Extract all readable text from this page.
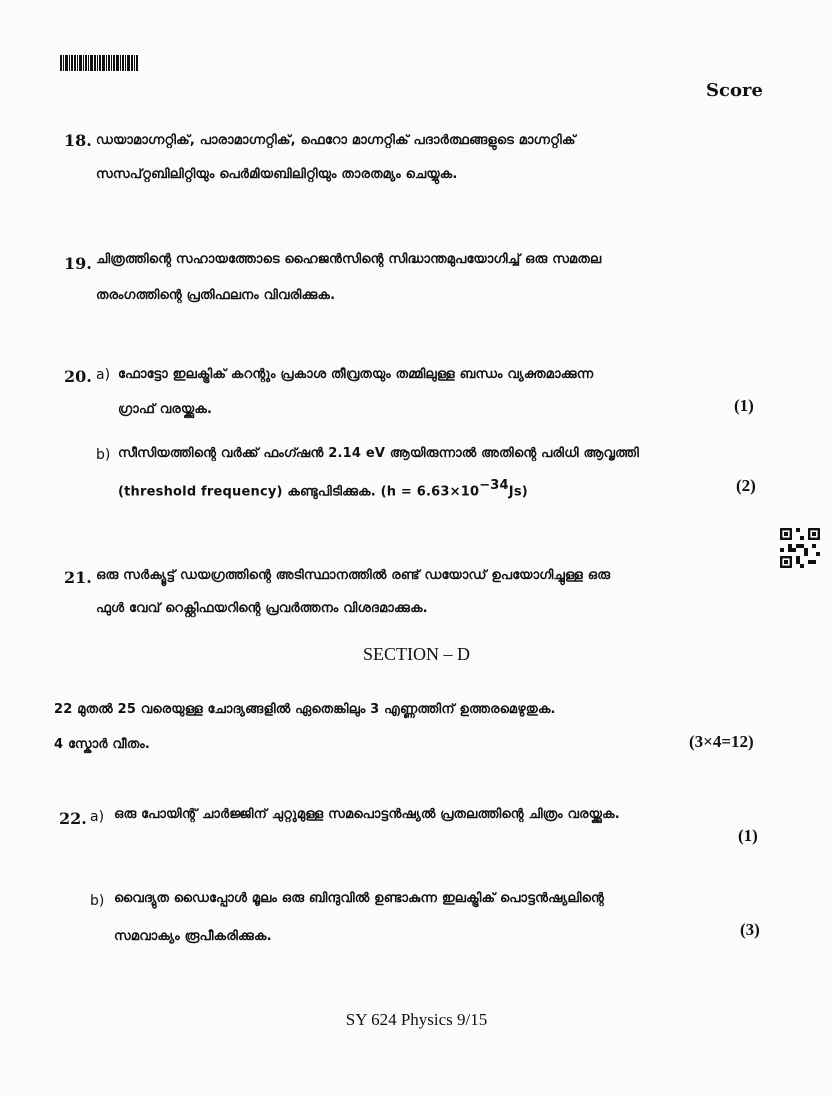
Score
18. ഡയാമാഗ്നറ്റിക്, പാരാമാഗ്നറ്റിക്, ഫെറോ മാഗ്നറ്റിക് പദാർത്ഥങ്ങളുടെ മാഗ്നറ്റിക്
സസപ്റ്റബിലിറ്റിയും പെർമിയബിലിറ്റിയും താരതമ്യം ചെയ്യുക.
19. ചിത്രത്തിന്റെ സഹായത്തോടെ ഹൈജൻസിന്റെ സിദ്ധാന്തമുപയോഗിച്ച് ഒരു സമതല
തരംഗത്തിന്റെ പ്രതിഫലനം വിവരിക്കുക.
20. a) ഫോട്ടോ ഇലക്ട്രിക് കറന്റും പ്രകാശ തീവ്രതയും തമ്മിലുള്ള ബന്ധം വ്യക്തമാക്കുന്ന
ഗ്രാഫ് വരയ്ക്കുക.	(1)
b) സീസിയത്തിന്റെ വർക്ക് ഫംഗ്ഷൻ 2.14 eV ആയിരുന്നാൽ അതിന്റെ പരിധി ആവൃത്തി
(threshold frequency) കണ്ടുപിടിക്കുക. $(h = 6.63\times 10^{-34}Js)$	(2)
21. ഒരു സർക്യൂട്ട് ഡയഗ്രത്തിന്റെ അടിസ്ഥാനത്തിൽ രണ്ട് ഡയോഡ് ഉപയോഗിച്ചുള്ള ഒരു
ഫുൾ വേവ് റെക്റ്റിഫയറിന്റെ പ്രവർത്തനം വിശദമാക്കുക.
SECTION – D
22 മുതൽ 25 വരെയുള്ള ചോദ്യങ്ങളിൽ ഏതെങ്കിലും 3 എണ്ണത്തിന് ഉത്തരമെഴുതുക.
4 സ്കോർ വീതം.	(3×4=12)
22. a) ഒരു പോയിന്റ് ചാർജ്ജിന് ചുറ്റുമുള്ള സമപൊട്ടൻഷ്യൽ പ്രതലത്തിന്റെ ചിത്രം വരയ്ക്കുക.
(1)
b) വൈദ്യുത ഡൈപ്പോൾ മൂലം ഒരു ബിന്ദുവിൽ ഉണ്ടാകുന്ന ഇലക്ട്രിക് പൊട്ടൻഷ്യലിന്റെ
സമവാക്യം രൂപീകരിക്കുക.	(3)
SY 624 Physics 9/15
